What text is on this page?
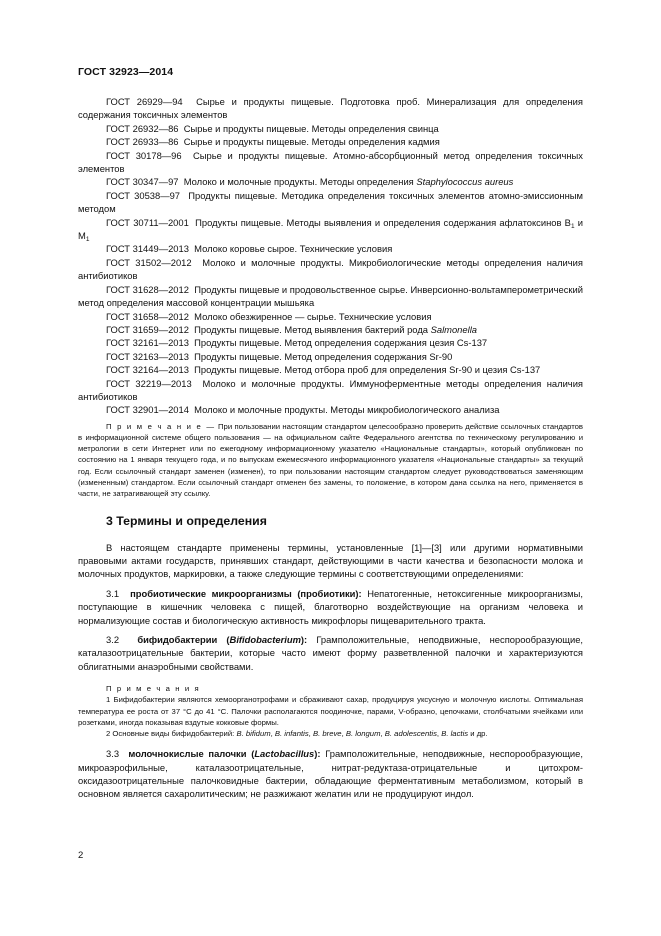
ГОСТ 32923—2014

ГОСТ 26929—94 Сырье и продукты пищевые. Подготовка проб. Минерализация для определения содержания токсичных элементов

ГОСТ 26932—86 Сырье и продукты пищевые. Методы определения свинца

ГОСТ 26933—86 Сырье и продукты пищевые. Методы определения кадмия

ГОСТ 30178—96 Сырье и продукты пищевые. Атомно-абсорбционный метод определения токсичных элементов

ГОСТ 30347—97 Молоко и молочные продукты. Методы определения Staphylococcus aureus

ГОСТ 30538—97 Продукты пищевые. Методика определения токсичных элементов атомно-эмиссионным методом

ГОСТ 30711—2001 Продукты пищевые. Методы выявления и определения содержания афлатоксинов $B_1$ и $M_1$

ГОСТ 31449—2013 Молоко коровье сырое. Технические условия

ГОСТ 31502—2012 Молоко и молочные продукты. Микробиологические методы определения наличия антибиотиков

ГОСТ 31628—2012 Продукты пищевые и продовольственное сырье. Инверсионно-вольтамперометрический метод определения массовой концентрации мышьяка

ГОСТ 31658—2012 Молоко обезжиренное — сырье. Технические условия

ГОСТ 31659—2012 Продукты пищевые. Метод выявления бактерий рода Salmonella

ГОСТ 32161—2013 Продукты пищевые. Метод определения содержания цезия Cs-137

ГОСТ 32163—2013 Продукты пищевые. Метод определения содержания Sr-90

ГОСТ 32164—2013 Продукты пищевые. Метод отбора проб для определения Sr-90 и цезия Cs-137

ГОСТ 32219—2013 Молоко и молочные продукты. Иммуноферментные методы определения наличия антибиотиков

ГОСТ 32901—2014 Молоко и молочные продукты. Методы микробиологического анализа

П р и м е ч а н и е — При пользовании настоящим стандартом целесообразно проверить действие ссылочных стандартов в информационной системе общего пользования — на официальном сайте Федерального агентства по техническому регулированию и метрологии в сети Интернет или по ежегодному информационному указателю «Национальные стандарты», который опубликован по состоянию на 1 января текущего года, и по выпускам ежемесячного информационного указателя «Национальные стандарты» за текущий год. Если ссылочный стандарт заменен (изменен), то при пользовании настоящим стандартом следует руководствоваться заменяющим (измененным) стандартом. Если ссылочный стандарт отменен без замены, то положение, в котором дана ссылка на него, применяется в части, не затрагивающей эту ссылку.

3 Термины и определения

В настоящем стандарте применены термины, установленные [1]—[3] или другими нормативными правовыми актами государств, принявших стандарт, действующими в части качества и безопасности молока и молочных продуктов, маркировки, а также следующие термины с соответствующими определениями:

3.1 пробиотические микроорганизмы (пробиотики): Непатогенные, нетоксигенные микроорганизмы, поступающие в кишечник человека с пищей, благотворно воздействующие на организм человека и нормализующие состав и биологическую активность микрофлоры пищеварительного тракта.

3.2 бифидобактерии (Bifidobacterium): Грамположительные, неподвижные, неспорообразующие, каталазоотрицательные бактерии, которые часто имеют форму разветвленной палочки и характеризуются облигатными анаэробными свойствами.

П р и м е ч а н и я

1 Бифидобактерии являются хемоорганотрофами и сбраживают сахар, продуцируя уксусную и молочную кислоты. Оптимальная температура ее роста от 37 °С до 41 °С. Палочки располагаются поодиночке, парами, V-образно, цепочками, столбчатыми ячейками или розетками, иногда показывая вздутые кокковые формы.

2 Основные виды бифидобактерий: B. bifidum, B. infantis, B. breve, B. longum, B. adolescentis, B. lactis и др.

3.3 молочнокислые палочки (Lactobacillus): Грамположительные, неподвижные, неспорообразующие, микроаэрофильные, каталазоотрицательные, нитрат-редуктаза-отрицательные и цитохром-оксидазоотрицательные палочковидные бактерии, обладающие ферментативным метаболизмом, который в основном является сахаролитическим; не разжижают желатин или не продуцируют индол.

2
